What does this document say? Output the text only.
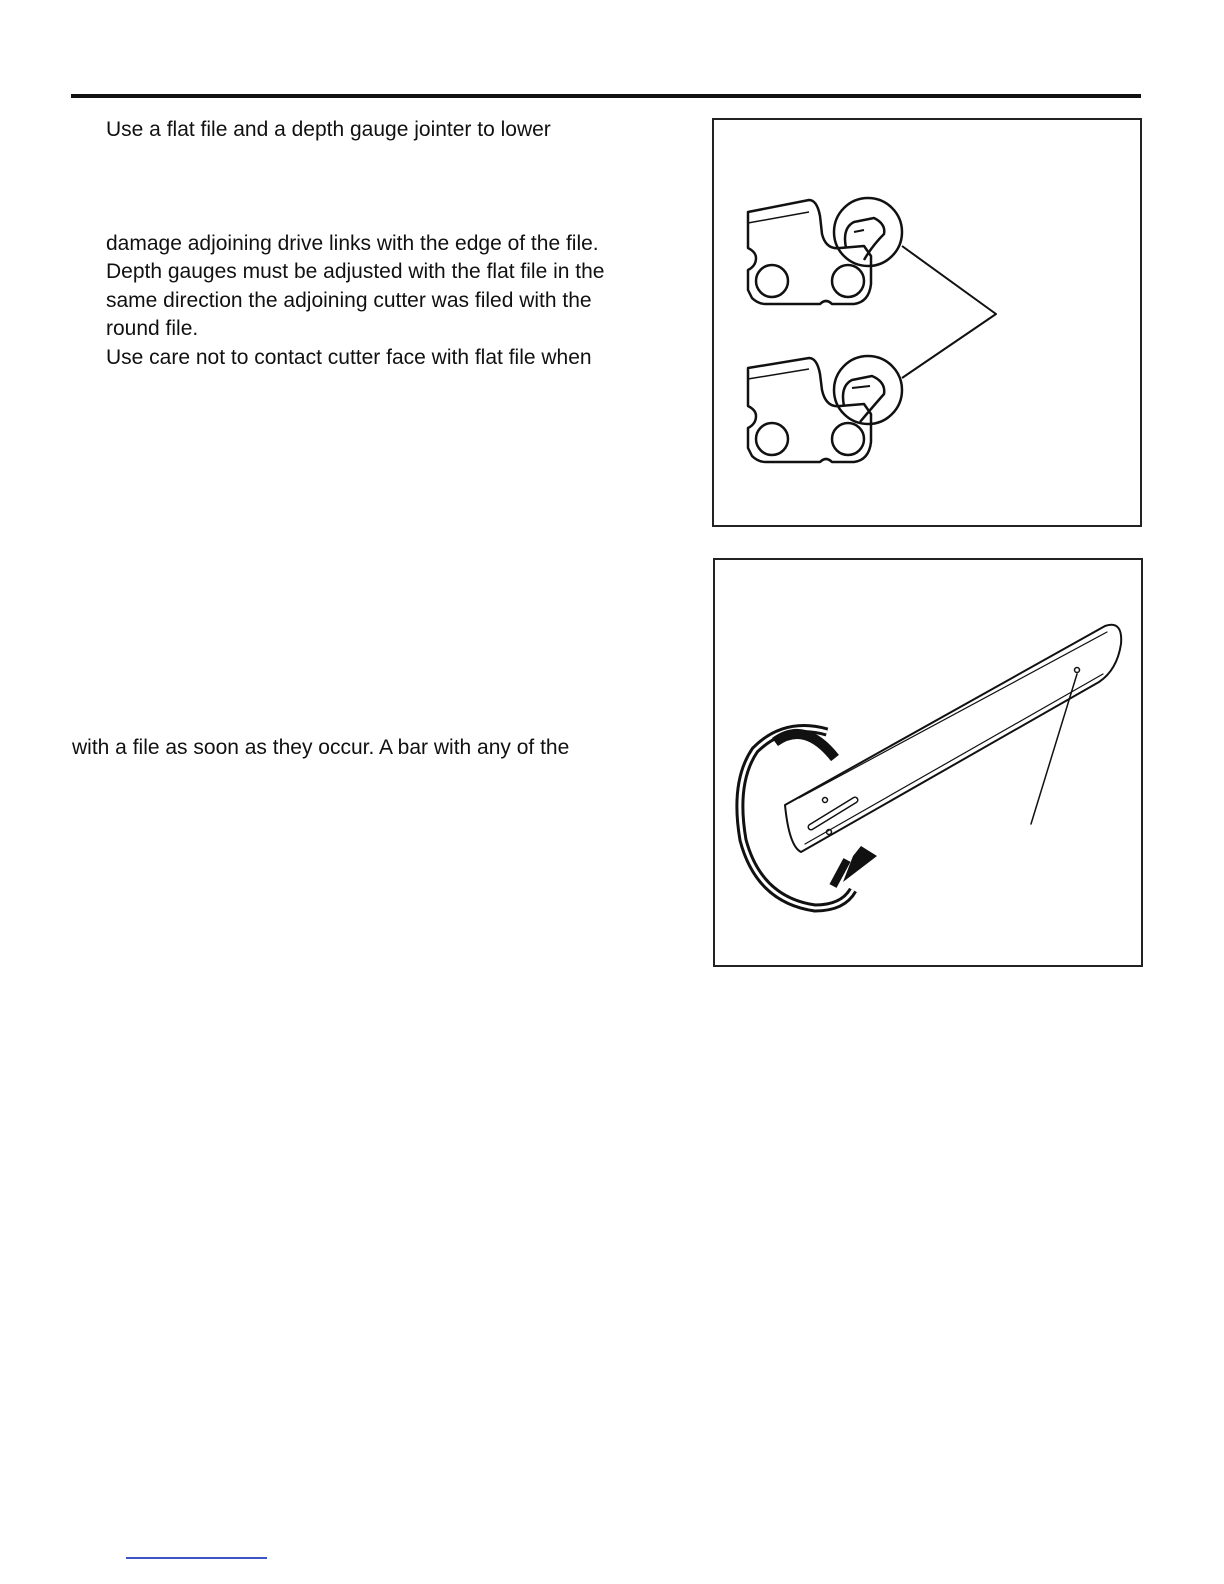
Use a flat file and a depth gauge jointer to lower
damage adjoining drive links with the edge of the file.
Depth gauges must be adjusted with the flat file in the
same direction the adjoining cutter was filed with the
round file.
Use care not to contact cutter face with flat file when
with a file as soon as they occur. A bar with any of the
